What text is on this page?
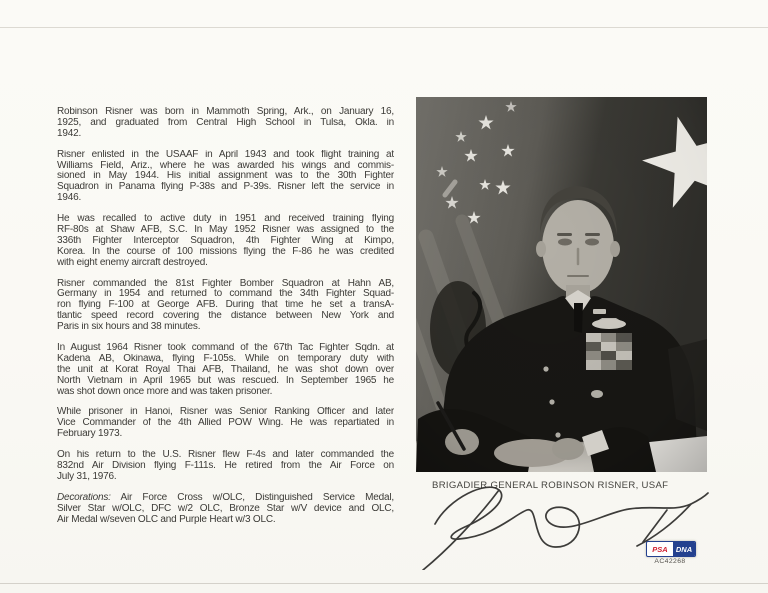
Robinson Risner was born in Mammoth Spring, Ark., on January 16,
1925, and graduated from Central High School in Tulsa, Okla. in
1942.
Risner enlisted in the USAAF in April 1943 and took flight training at
Williams Field, Ariz., where he was awarded his wings and commis-
sioned in May 1944. His initial assignment was to the 30th Fighter
Squadron in Panama flying P-38s and P-39s. Risner left the service in
1946.
He was recalled to active duty in 1951 and received training flying
RF-80s at Shaw AFB, S.C. In May 1952 Risner was assigned to the
336th Fighter Interceptor Squadron, 4th Fighter Wing at Kimpo,
Korea. In the course of 100 missions flying the F-86 he was credited
with eight enemy aircraft destroyed.
Risner commanded the 81st Fighter Bomber Squadron at Hahn AB,
Germany in 1954 and returned to command the 34th Fighter Squad-
ron flying F-100 at George AFB. During that time he set a transA-
tlantic speed record covering the distance between New York and
Paris in six hours and 38 minutes.
In August 1964 Risner took command of the 67th Tac Fighter Sqdn. at
Kadena AB, Okinawa, flying F-105s. While on temporary duty with
the unit at Korat Royal Thai AFB, Thailand, he was shot down over
North Vietnam in April 1965 but was rescued. In September 1965 he
was shot down once more and was taken prisoner.
While prisoner in Hanoi, Risner was Senior Ranking Officer and later
Vice Commander of the 4th Allied POW Wing. He was repartiated in
February 1973.
On his return to the U.S. Risner flew F-4s and later commanded the
832nd Air Division flying F-111s. He retired from the Air Force on
July 31, 1976.
Decorations: Air Force Cross w/OLC, Distinguished Service Medal,
Silver Star w/OLC, DFC w/2 OLC, Bronze Star w/V device and OLC,
Air Medal w/seven OLC and Purple Heart w/3 OLC.
BRIGADIER GENERAL ROBINSON RISNER, USAF
PSA	DNA
AC42268
